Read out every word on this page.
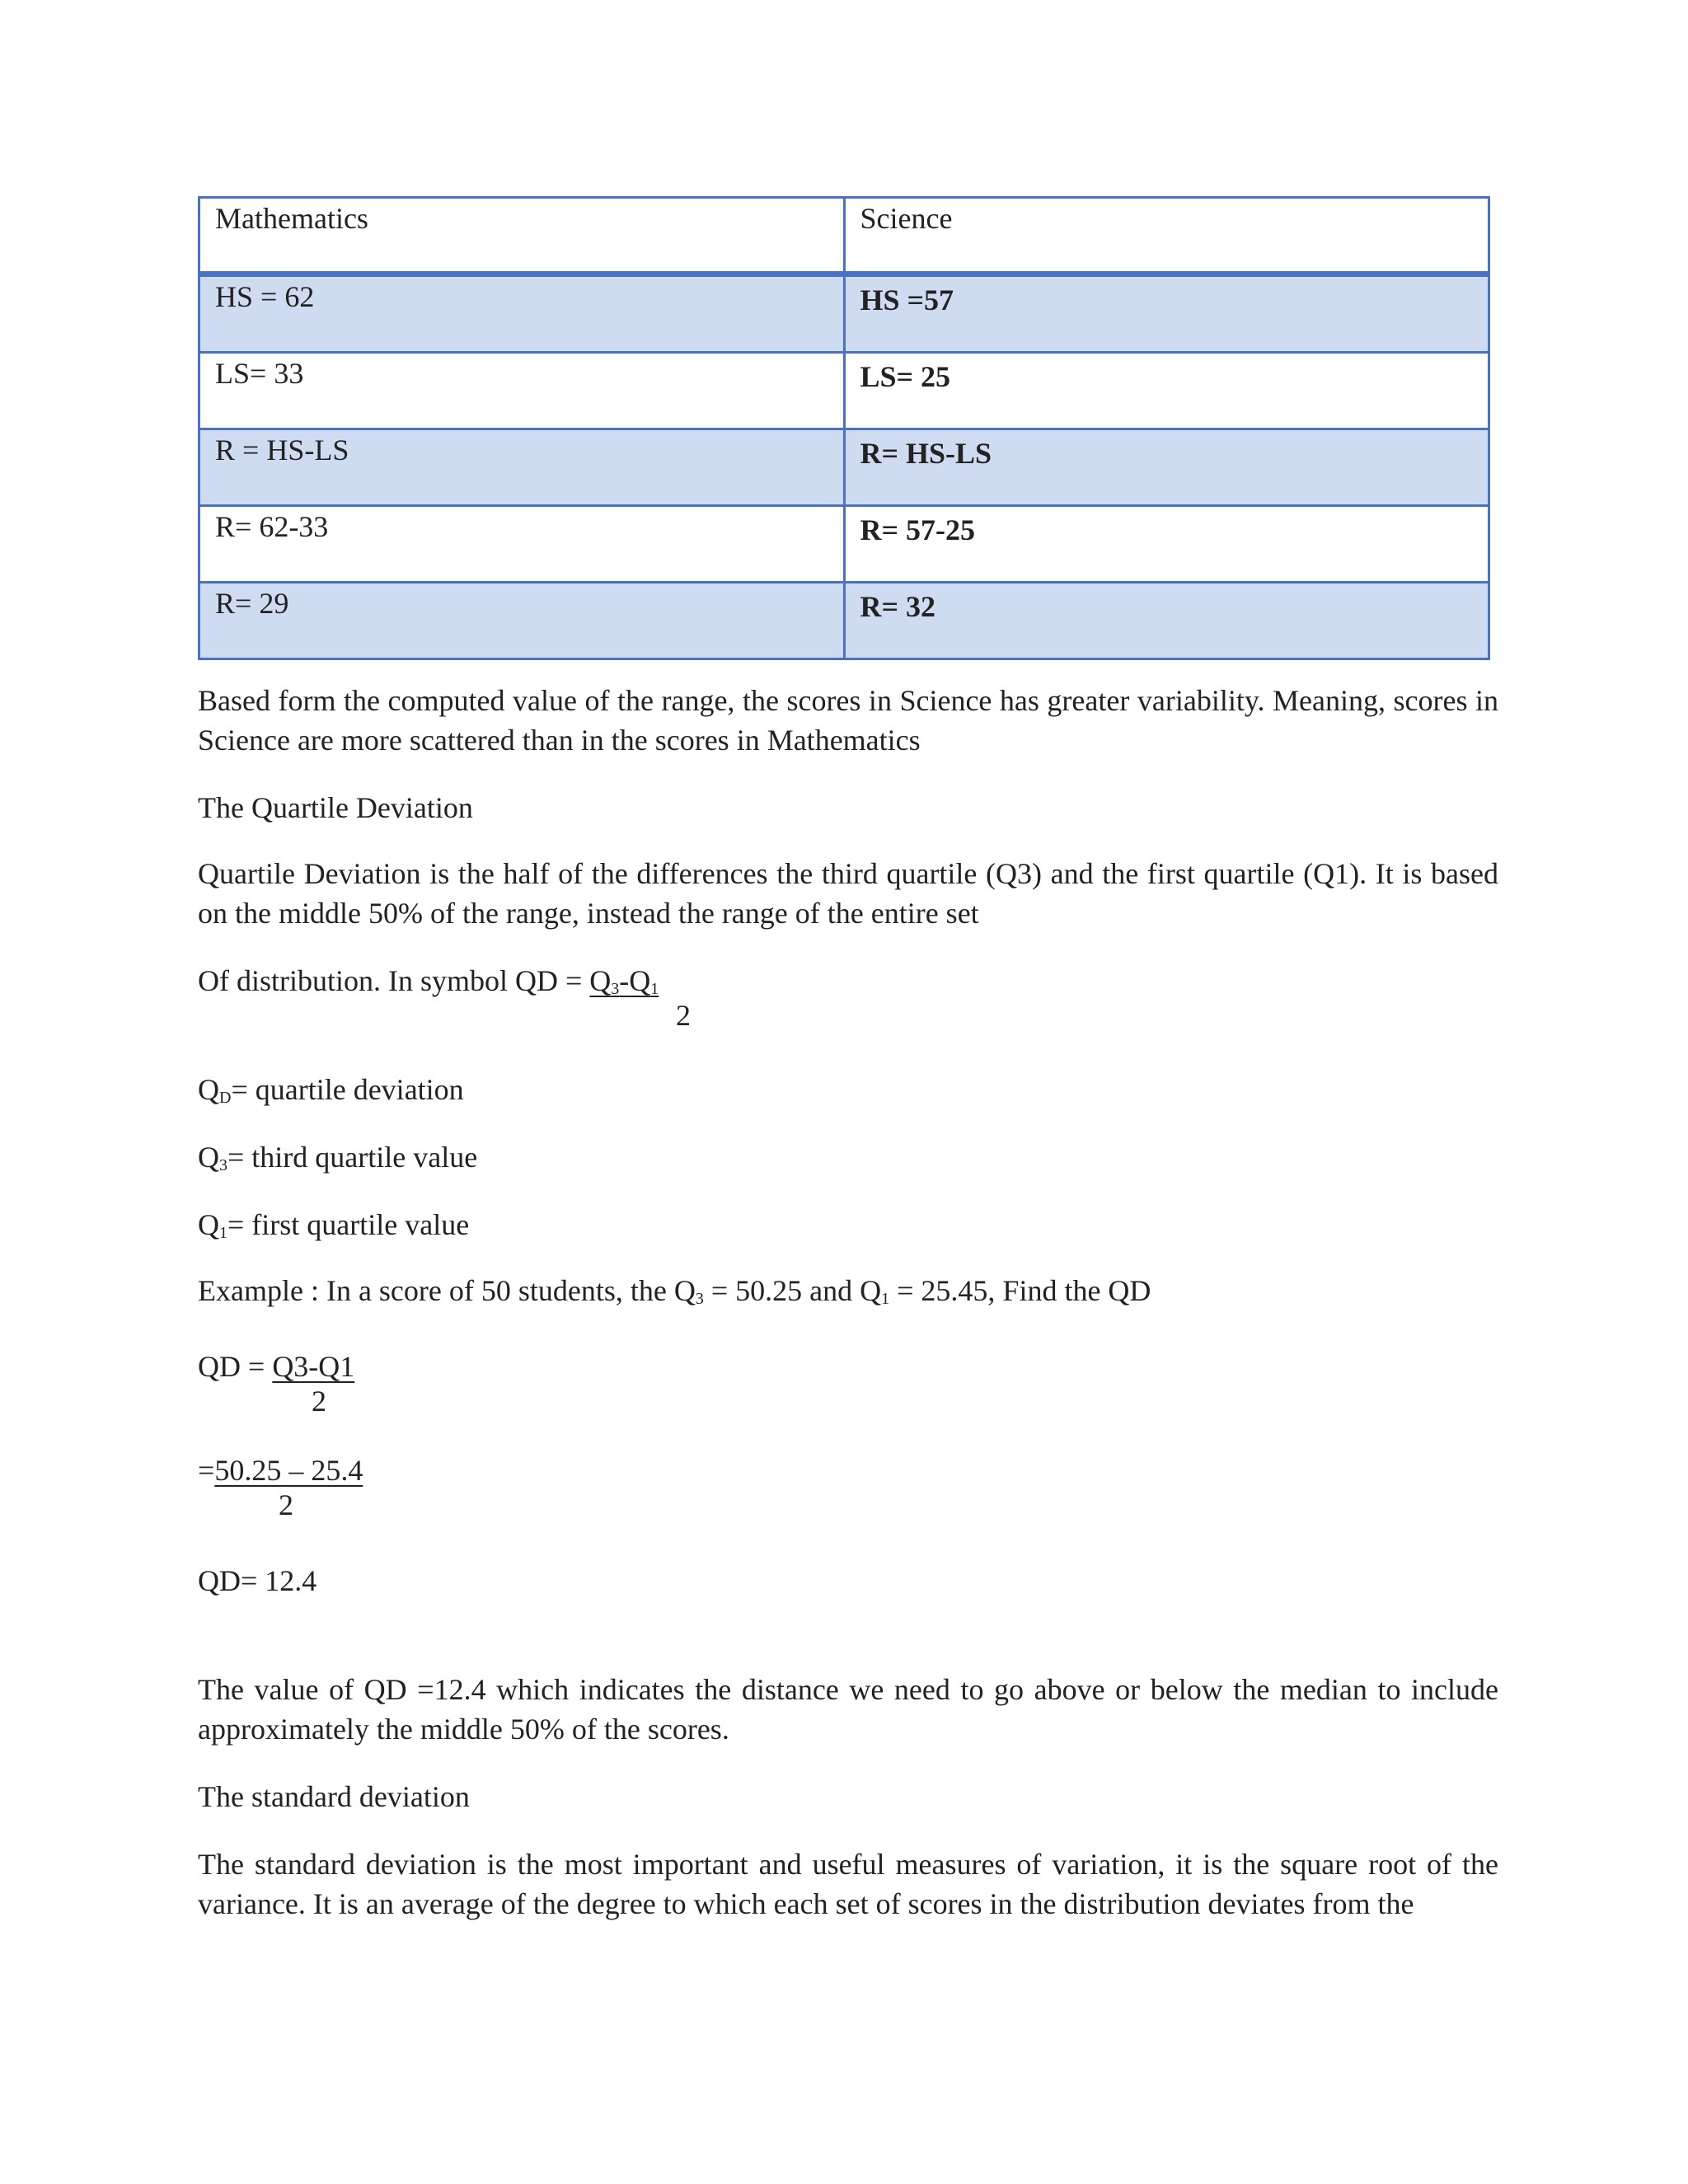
Mathematics	Science
HS = 62	HS =57
LS= 33	LS= 25
R = HS-LS	R= HS-LS
R= 62-33	R= 57-25
R= 29	R= 32

Based form the computed value of the range, the scores in Science has greater variability. Meaning, scores in Science are more scattered than in the scores in Mathematics

The Quartile Deviation

Quartile Deviation is the half of the differences the third quartile (Q3) and the first quartile (Q1). It is based on the middle 50% of the range, instead the range of the entire set

Of distribution. In symbol QD = Q3-Q1

2

QD= quartile deviation

Q3= third quartile value

Q1= first quartile value

Example : In a score of 50 students, the Q3 = 50.25 and Q1 = 25.45, Find the QD

QD = Q3-Q1

2

=50.25 – 25.4

2

QD= 12.4

The value of QD =12.4 which indicates the distance we need to go above or below the median to include approximately the middle 50% of the scores.

The standard deviation

The standard deviation is the most important and useful measures of variation, it is the square root of the variance. It is an average of the degree to which each set of scores in the distribution deviates from the
